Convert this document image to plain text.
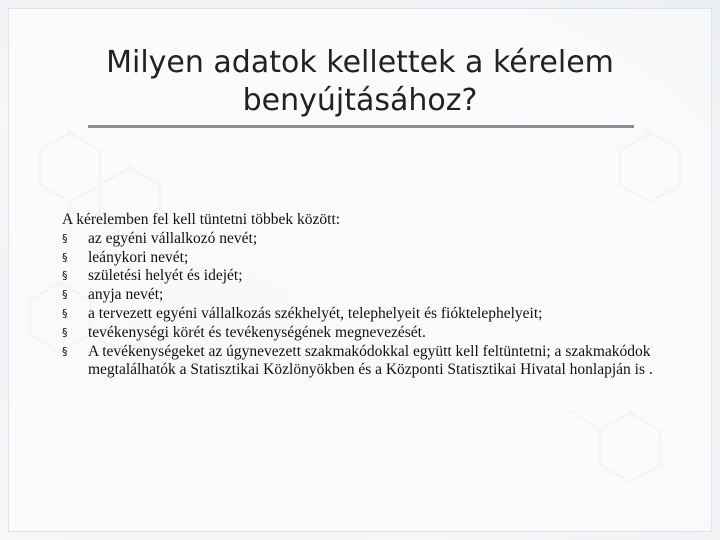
Milyen adatok kellettek a kérelem benyújtásához?

A kérelemben fel kell tüntetni többek között:

§ az egyéni vállalkozó nevét;
§ leánykori nevét;
§ születési helyét és idejét;
§ anyja nevét;
§ a tervezett egyéni vállalkozás székhelyét, telephelyeit és fióktelephelyeit;
§ tevékenységi körét és tevékenységének megnevezését.
§ A tevékenységeket az úgynevezett szakmakódokkal együtt kell feltüntetni; a szakmakódok megtalálhatók a Statisztikai Közlönyökben és a Központi Statisztikai Hivatal honlapján is .
